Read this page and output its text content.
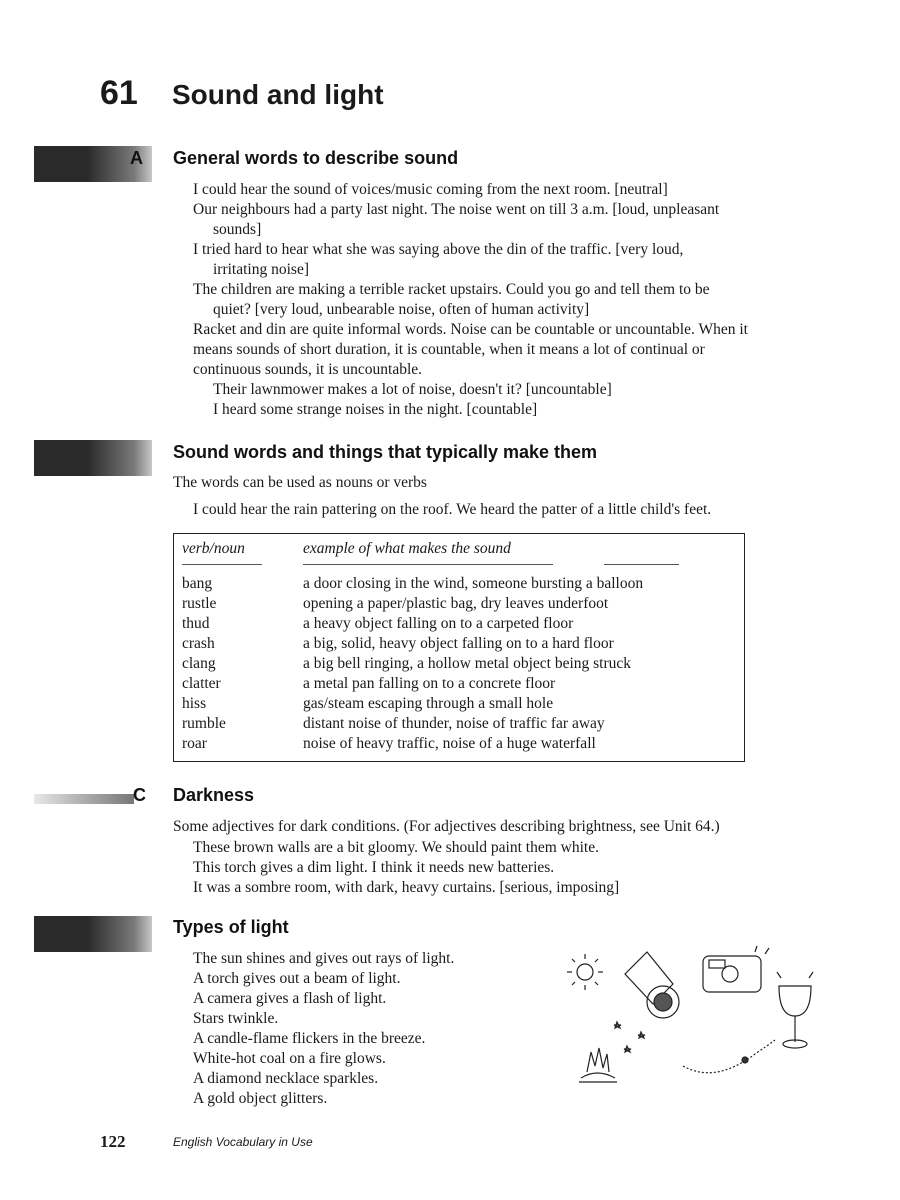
61	Sound and light
A General words to describe sound
I could hear the sound of voices/music coming from the next room. [neutral]
Our neighbours had a party last night. The noise went on till 3 a.m. [loud, unpleasant
sounds]
I tried hard to hear what she was saying above the din of the traffic. [very loud,
irritating noise]
The children are making a terrible racket upstairs. Could you go and tell them to be
quiet? [very loud, unbearable noise, often of human activity]
Racket and din are quite informal words. Noise can be countable or uncountable. When it
means sounds of short duration, it is countable, when it means a lot of continual or
continuous sounds, it is uncountable.
Their lawnmower makes a lot of noise, doesn't it? [uncountable]
I heard some strange noises in the night. [countable]
Sound words and things that typically make them
The words can be used as nouns or verbs
I could hear the rain pattering on the roof. We heard the patter of a little child's feet.
verb/noun	example of what makes the sound
bang	a door closing in the wind, someone bursting a balloon
rustle	opening a paper/plastic bag, dry leaves underfoot
thud	a heavy object falling on to a carpeted floor
crash	a big, solid, heavy object falling on to a hard floor
clang	a big bell ringing, a hollow metal object being struck
clatter	a metal pan falling on to a concrete floor
hiss	gas/steam escaping through a small hole
rumble	distant noise of thunder, noise of traffic far away
roar	noise of heavy traffic, noise of a huge waterfall
C Darkness
Some adjectives for dark conditions. (For adjectives describing brightness, see Unit 64.)
These brown walls are a bit gloomy. We should paint them white.
This torch gives a dim light. I think it needs new batteries.
It was a sombre room, with dark, heavy curtains. [serious, imposing]
Types of light
The sun shines and gives out rays of light.
A torch gives out a beam of light.
A camera gives a flash of light.
Stars twinkle.
A candle-flame flickers in the breeze.
White-hot coal on a fire glows.
A diamond necklace sparkles.
A gold object glitters.
122	English Vocabulary in Use
